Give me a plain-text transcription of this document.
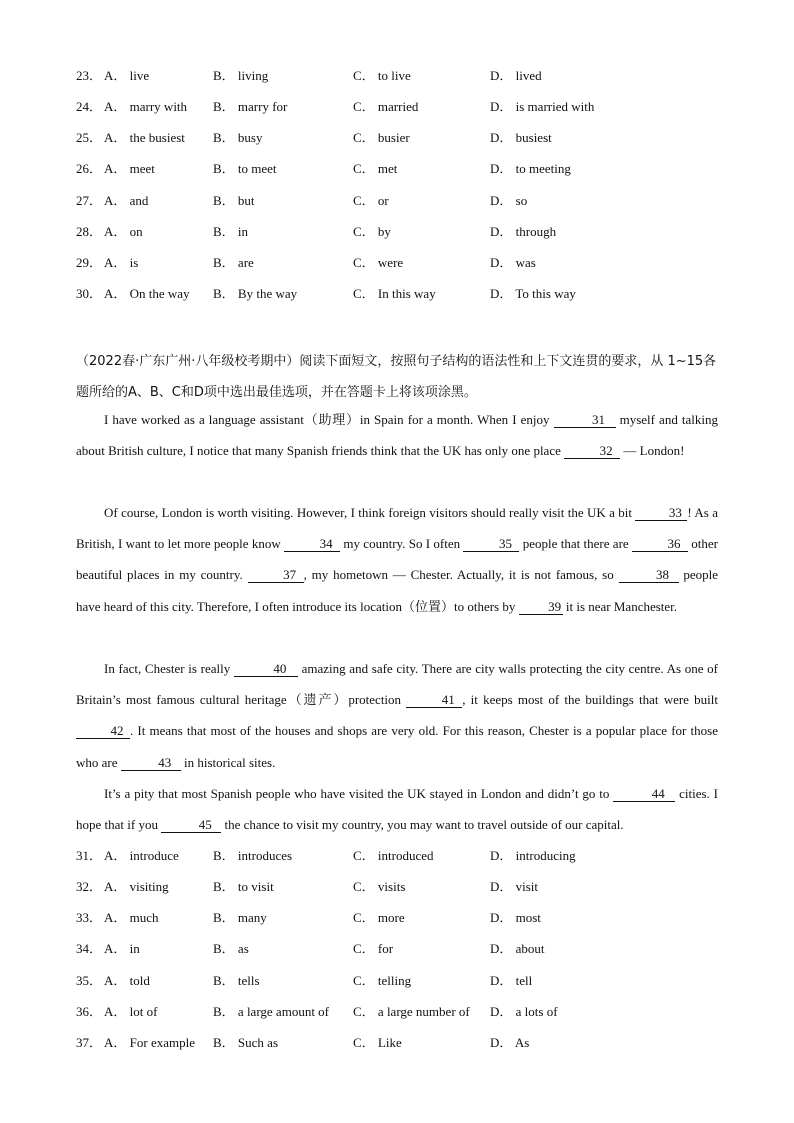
23． A． live	B． living	C． to live	D． lived
24． A． marry with B． marry for	C． married	D． is married with
25． A． the busiest B． busy	C． busier	D． busiest
26． A． meet	B． to meet	C． met	D． to meeting
27． A． and	B． but	C． or	D． so
28． A． on	B． in	C． by	D． through
29． A． is	B． are	C． were	D． was
30． A． On the way B． By the way	C． In this way	D． To this way
（2022春·广东广州·八年级校考期中）阅读下面短文，按照句子结构的语法性和上下文连贯的要求，从 1~15各题所给的A、B、C和D项中选出最佳选项，并在答题卡上将该项涂黑。
I have worked as a language assistant（助理）in Spain for a month. When I enjoy	31 myself and talking about British culture, I notice that many Spanish friends think that the UK has only one place	32 — London!
Of course, London is worth visiting. However, I think foreign visitors should really visit the UK a bit	33 ! As a British, I want to let more people know	34 my country. So I often	35 people that there are	36 other beautiful places in my country.	37 , my hometown — Chester. Actually, it is not famous, so	38 people have heard of this city. Therefore, I often introduce its location（位置）to others by 39 it is near Manchester.
In fact, Chester is really	40 amazing and safe city. There are city walls protecting the city centre. As one of Britain’s most famous cultural heritage（遗产）protection	41 , it keeps most of the buildings that were built 42 . It means that most of the houses and shops are very old. For this reason, Chester is a popular place for those who are	43 in historical sites.
It’s a pity that most Spanish people who have visited the UK stayed in London and didn’t go to	44 cities. I hope that if you	45 the chance to visit my country, you may want to travel outside of our capital.
31． A． introduce	B． introduces	C． introduced	D． introducing
32． A． visiting	B． to visit	C． visits	D． visit
33． A． much	B． many	C． more	D． most
34． A． in	B． as	C． for	D． about
35． A． told	B． tells	C． telling	D． tell
36． A． lot of	B． a large amount of C． a large number of D． a lots of
37． A． For example B． Such as	C． Like	D． As
